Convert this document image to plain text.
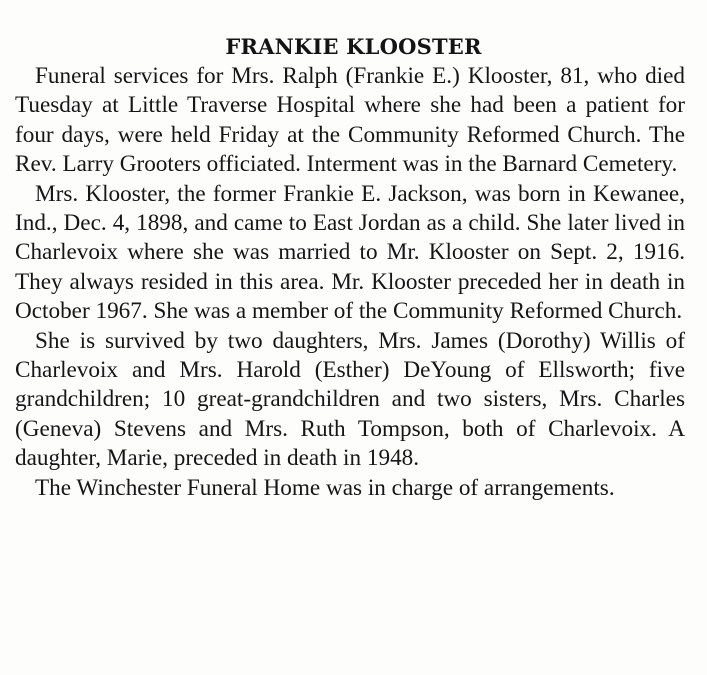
FRANKIE KLOOSTER

Funeral services for Mrs. Ralph (Frankie E.) Klooster, 81, who died Tuesday at Little Traverse Hospital where she had been a patient for four days, were held Friday at the Community Reformed Church. The Rev. Larry Grooters officiated. Interment was in the Barnard Cemetery.

Mrs. Klooster, the former Frankie E. Jackson, was born in Kewanee, Ind., Dec. 4, 1898, and came to East Jordan as a child. She later lived in Charlevoix where she was married to Mr. Klooster on Sept. 2, 1916. They always resided in this area. Mr. Klooster preceded her in death in October 1967. She was a member of the Community Reformed Church.

She is survived by two daughters, Mrs. James (Dorothy) Willis of Charlevoix and Mrs. Harold (Esther) DeYoung of Ellsworth; five grandchildren; 10 great-grandchildren and two sisters, Mrs. Charles (Geneva) Stevens and Mrs. Ruth Tompson, both of Charlevoix. A daughter, Marie, preceded in death in 1948.

The Winchester Funeral Home was in charge of arrangements.
